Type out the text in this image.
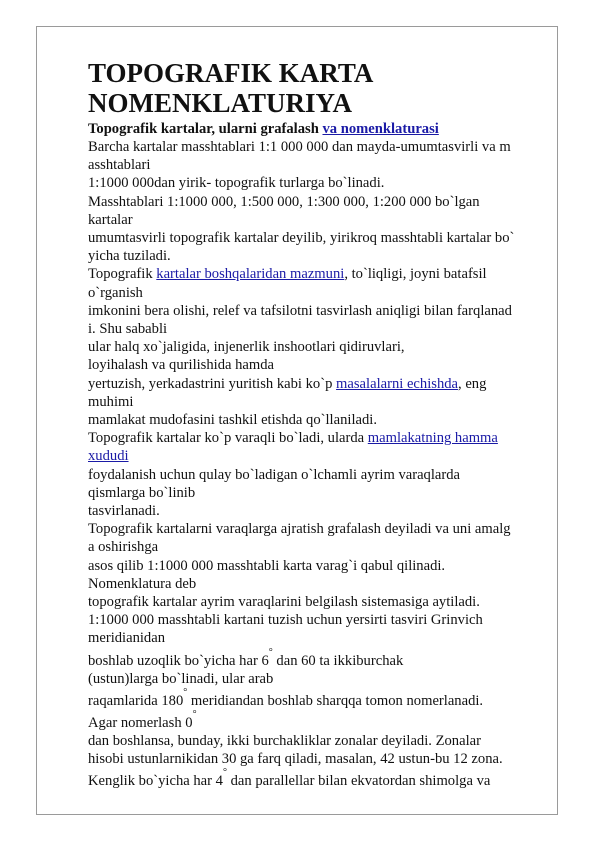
TOPOGRAFIK KARTA
NOMENKLATURIYA

Topografik kartalar, ularni grafalash va nomenklaturasi

Barcha kartalar masshtablari 1:1 000 000 dan mayda-umumtasvirli va m

asshtablari

1:1000 000dan yirik- topografik turlarga bo`linadi.

Masshtablari 1:1000 000, 1:500 000, 1:300 000, 1:200 000 bo`lgan

kartalar

umumtasvirli topografik kartalar deyilib, yirikroq masshtabli kartalar bo`

yicha tuziladi.

Topografik kartalar boshqalaridan mazmuni, to`liqligi, joyni batafsil

o`rganish

imkonini bera olishi, relef va tafsilotni tasvirlash aniqligi bilan farqlanad

i. Shu sababli

ular halq xo`jaligida, injenerlik inshootlari qidiruvlari,

loyihalash va qurilishida hamda

yertuzish, yerkadastrini yuritish kabi ko`p masalalarni echishda, eng

muhimi

mamlakat mudofasini tashkil etishda qo`llaniladi.

Topografik kartalar ko`p varaqli bo`ladi, ularda mamlakatning hamma

xududi

foydalanish uchun qulay bo`ladigan o`lchamli ayrim varaqlarda

qismlarga bo`linib

tasvirlanadi.

Topografik kartalarni varaqlarga ajratish grafalash deyiladi va uni amalg

a oshirishga

asos qilib 1:1000 000 masshtabli karta varag`i qabul qilinadi.

Nomenklatura deb

topografik kartalar ayrim varaqlarini belgilash sistemasiga aytiladi.

1:1000 000 masshtabli kartani tuzish uchun yersirti tasviri Grinvich

meridianidan

boshlab uzoqlik bo`yicha har 6° dan 60 ta ikkiburchak

(ustun)larga bo`linadi, ular arab

raqamlarida 180° meridiandan boshlab sharqqa tomon nomerlanadi.

Agar nomerlash 0°

dan boshlansa, bunday, ikki burchakliklar zonalar deyiladi. Zonalar

hisobi ustunlarnikidan 30 ga farq qiladi, masalan, 42 ustun-bu 12 zona.

Kenglik bo`yicha har 4° dan parallellar bilan ekvatordan shimolga va
